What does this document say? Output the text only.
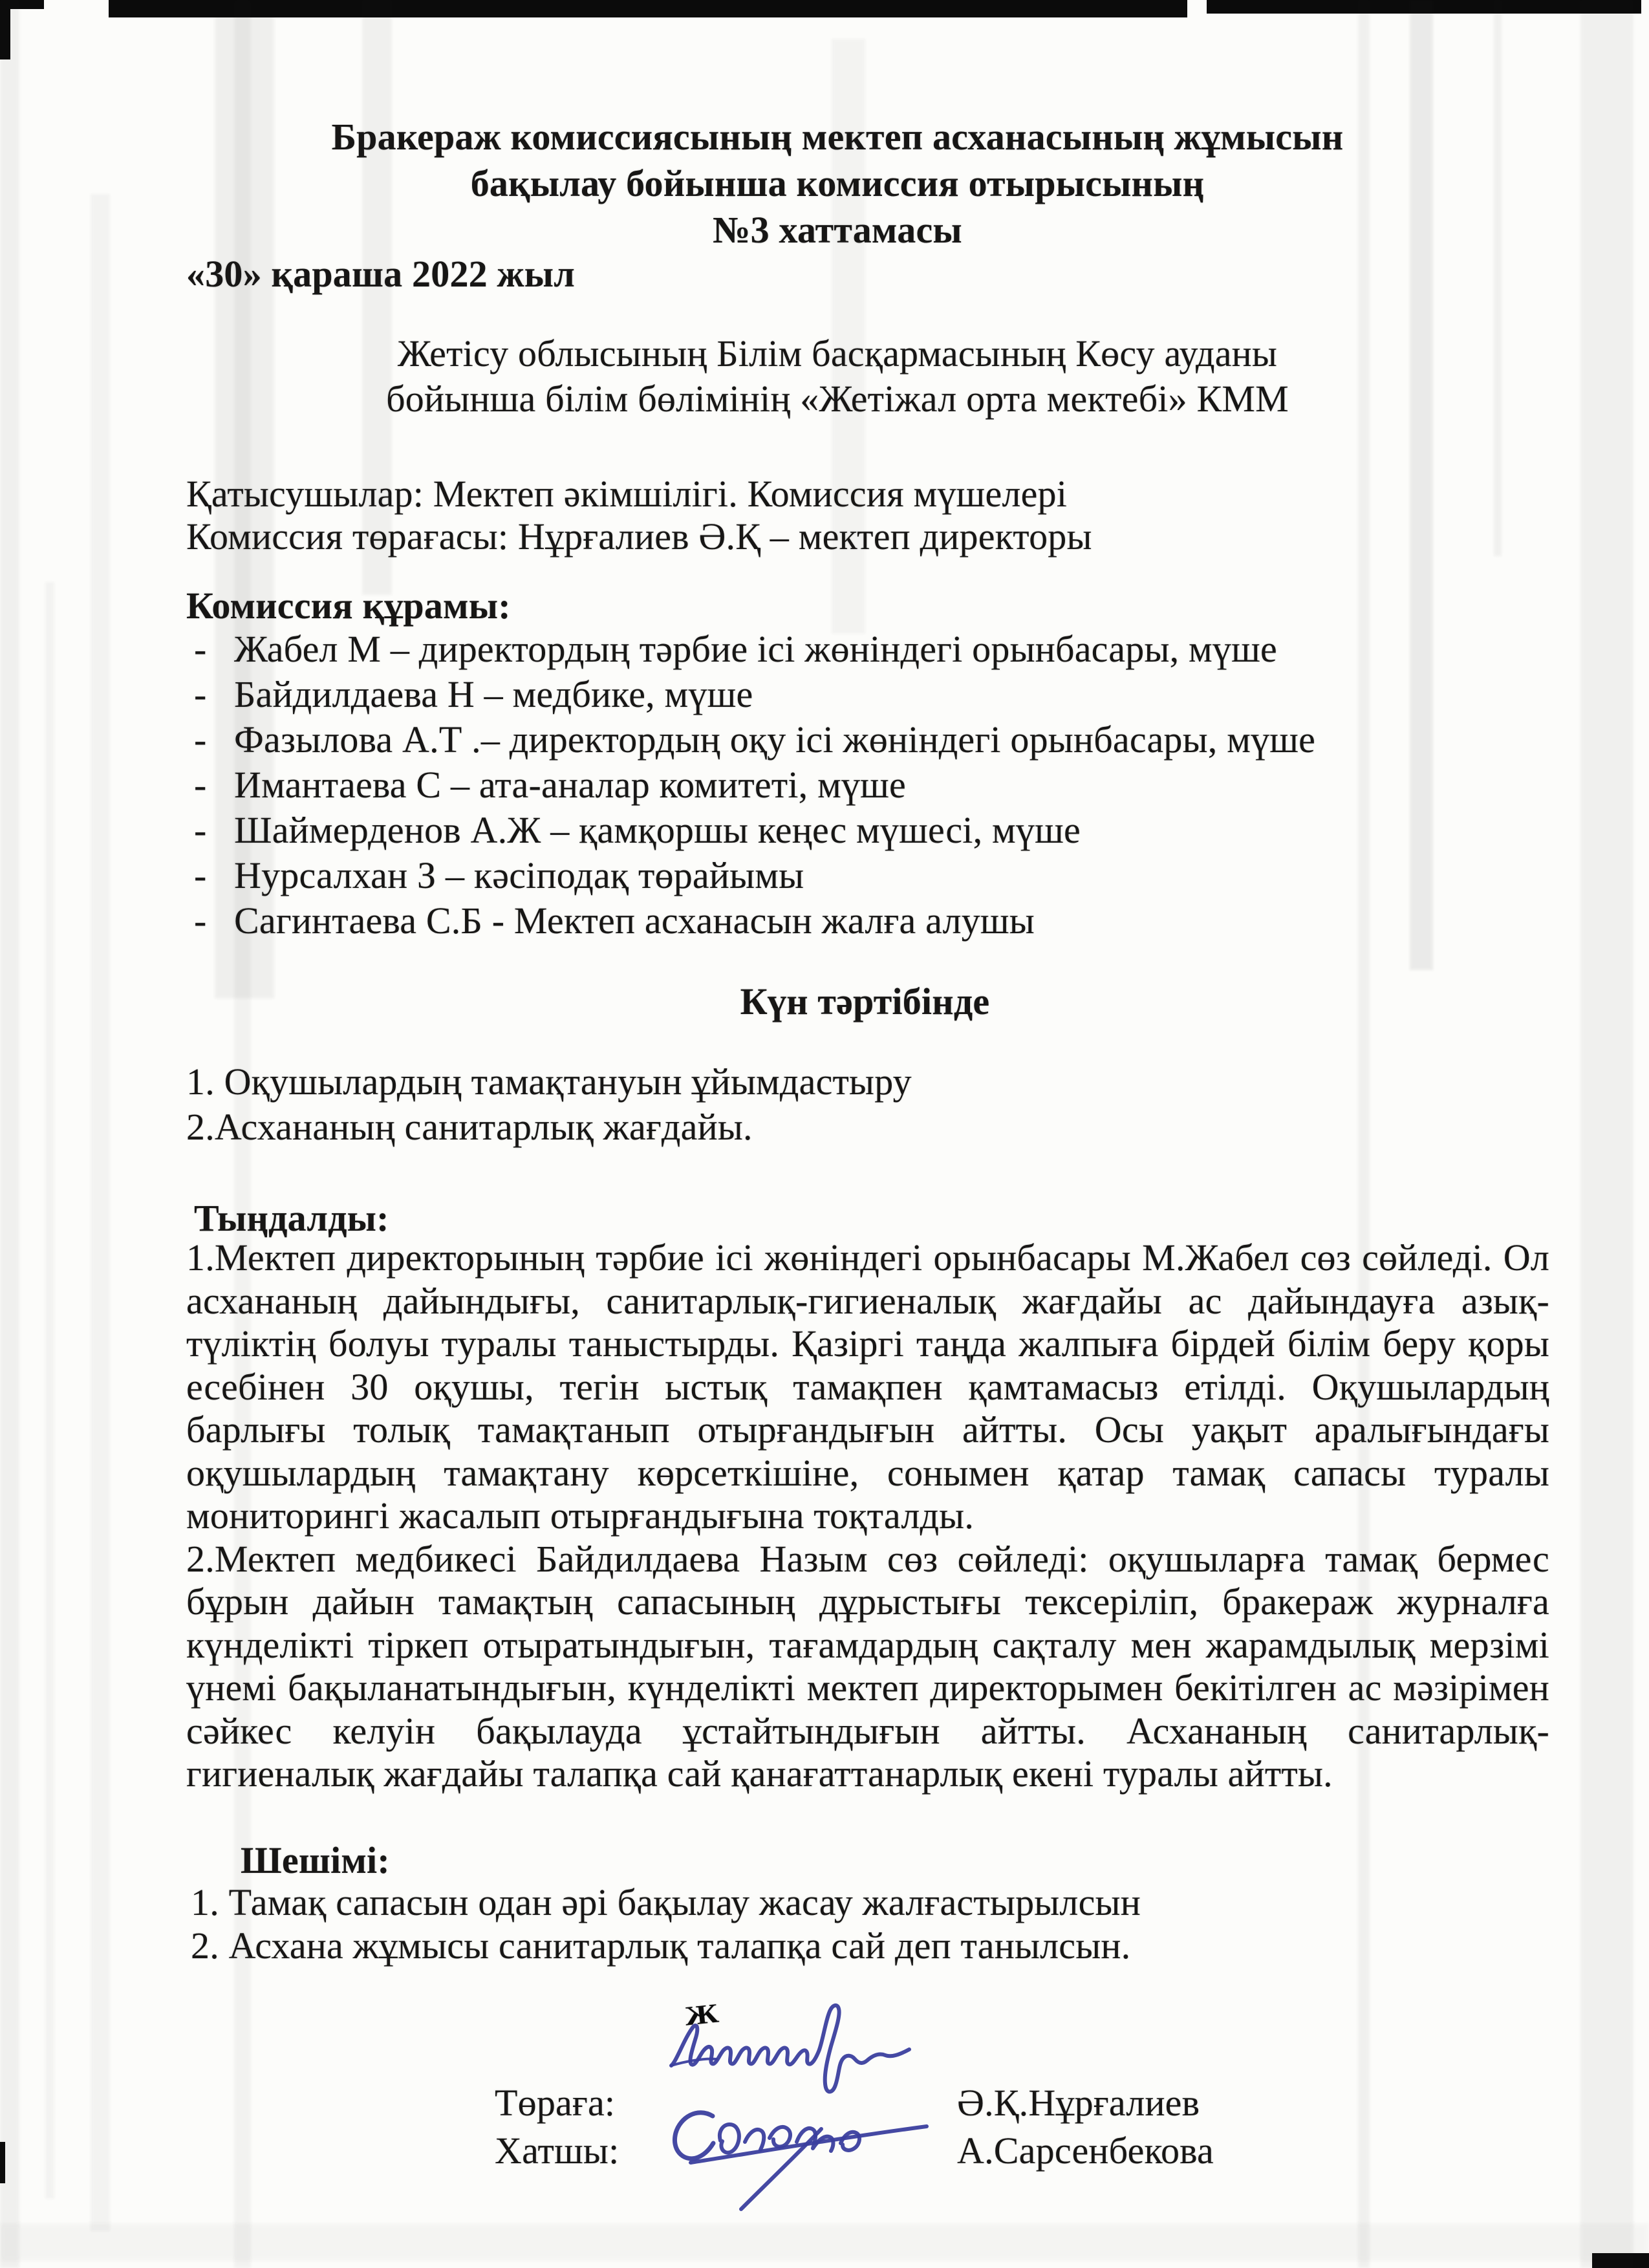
Бракераж комиссиясының мектеп асханасының жұмысын
бақылау бойынша комиссия отырысының
№3 хаттамасы
«30» қараша 2022 жыл
Жетісу облысының Білім басқармасының Көсу ауданы
бойынша білім бөлімінің «Жетіжал орта мектебі» КММ
Қатысушылар: Мектеп әкімшілігі. Комиссия мүшелері
Комиссия төрағасы: Нұрғалиев Ә.Қ – мектеп директоры
Комиссия құрамы:
- Жабел М – директордың тәрбие ісі жөніндегі орынбасары, мүше
- Байдилдаева Н – медбике, мүше
- Фазылова А.Т .– директордың оқу ісі жөніндегі орынбасары, мүше
- Имантаева С – ата-аналар комитеті, мүше
- Шаймерденов А.Ж – қамқоршы кеңес мүшесі, мүше
- Нурсалхан З – кәсіподақ төрайымы
- Сагинтаева С.Б - Мектеп асханасын жалға алушы
Күн тәртібінде
1. Оқушылардың тамақтануын ұйымдастыру
2.Асхананың санитарлық жағдайы.
Тыңдалды:

1.Мектеп директорының тәрбие ісі жөніндегі орынбасары М.Жабел сөз сөйледі. Ол асхананың дайындығы, санитарлық-гигиеналық жағдайы ас дайындауға азық-түліктің болуы туралы таныстырды. Қазіргі таңда жалпыға бірдей білім беру қоры есебінен 30 оқушы, тегін ыстық тамақпен қамтамасыз етілді. Оқушылардың барлығы толық тамақтанып отырғандығын айтты. Осы уақыт аралығындағы оқушылардың тамақтану көрсеткішіне, сонымен қатар тамақ сапасы туралы мониторингі жасалып отырғандығына тоқталды.

2.Мектеп медбикесі Байдилдаева Назым сөз сөйледі: оқушыларға тамақ бермес бұрын дайын тамақтың сапасының дұрыстығы тексеріліп, бракераж журналға күнделікті тіркеп отыратындығын, тағамдардың сақталу мен жарамдылық мерзімі үнемі бақыланатындығын, күнделікті мектеп директорымен бекітілген ас мәзірімен сәйкес келуін бақылауда ұстайтындығын айтты. Асхананың санитарлық-гигиеналық жағдайы талапқа сай қанағаттанарлық екені туралы айтты.

Шешімі:
1. Тамақ сапасын одан әрі бақылау жасау жалғастырылсын
2. Асхана жұмысы санитарлық талапқа сай деп танылсын.
Ж
Төраға:	Ә.Қ.Нұрғалиев
Хатшы:	А.Сарсенбекова
